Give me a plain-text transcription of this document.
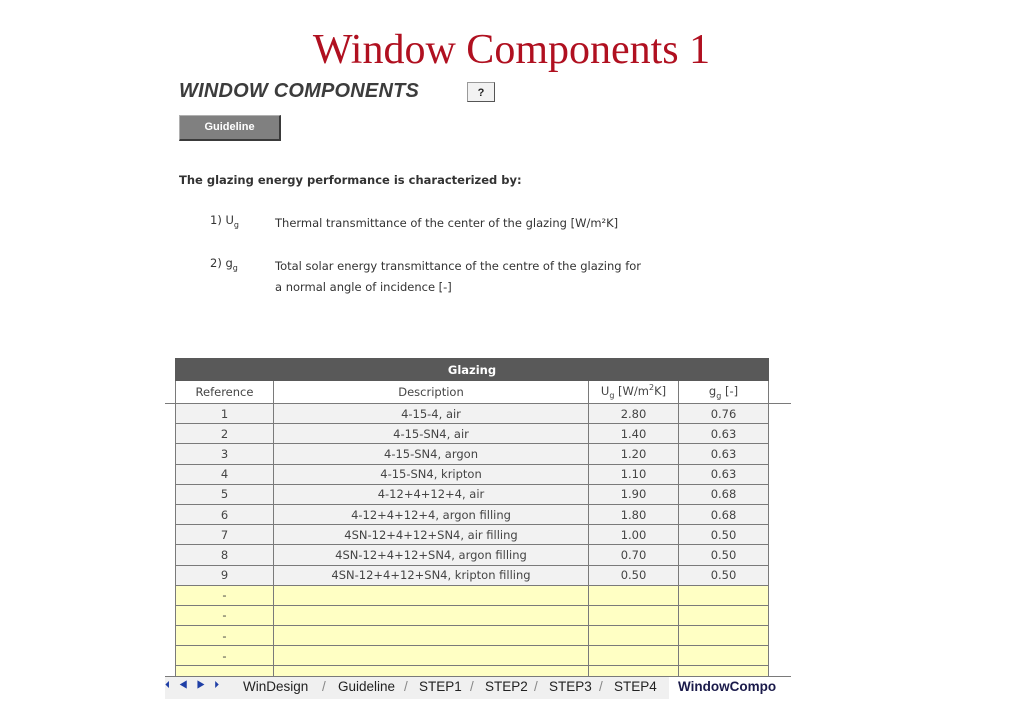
Window Components 1
WINDOW COMPONENTS	?
Guideline
The glazing energy performance is characterized by:
1) $U_g$	Thermal transmittance of the center of the glazing [W/m²K]
2) $g_g$	Total solar energy transmittance of the centre of the glazing for
a normal angle of incidence [-]
Glazing			
Reference	Description	$U_g$ $[W/m^2K]$	$g_g$ [-]
1	4-15-4, air	2.80	0.76
2	4-15-SN4, air	1.40	0.63
3	4-15-SN4, argon	1.20	0.63
4	4-15-SN4, kripton	1.10	0.63
5	4-12+4+12+4, air	1.90	0.68
6	4-12+4+12+4, argon filling	1.80	0.68
7	4SN-12+4+12+SN4, air filling	1.00	0.50
8	4SN-12+4+12+SN4, argon filling	0.70	0.50
9	4SN-12+4+12+SN4, kripton filling	0.50	0.50
-			
-			
-			
-			

⏴ ◀ ▶ ⏵ WinDesign / Guideline / STEP1 / STEP2 / STEP3 / STEP4 WindowCompo
